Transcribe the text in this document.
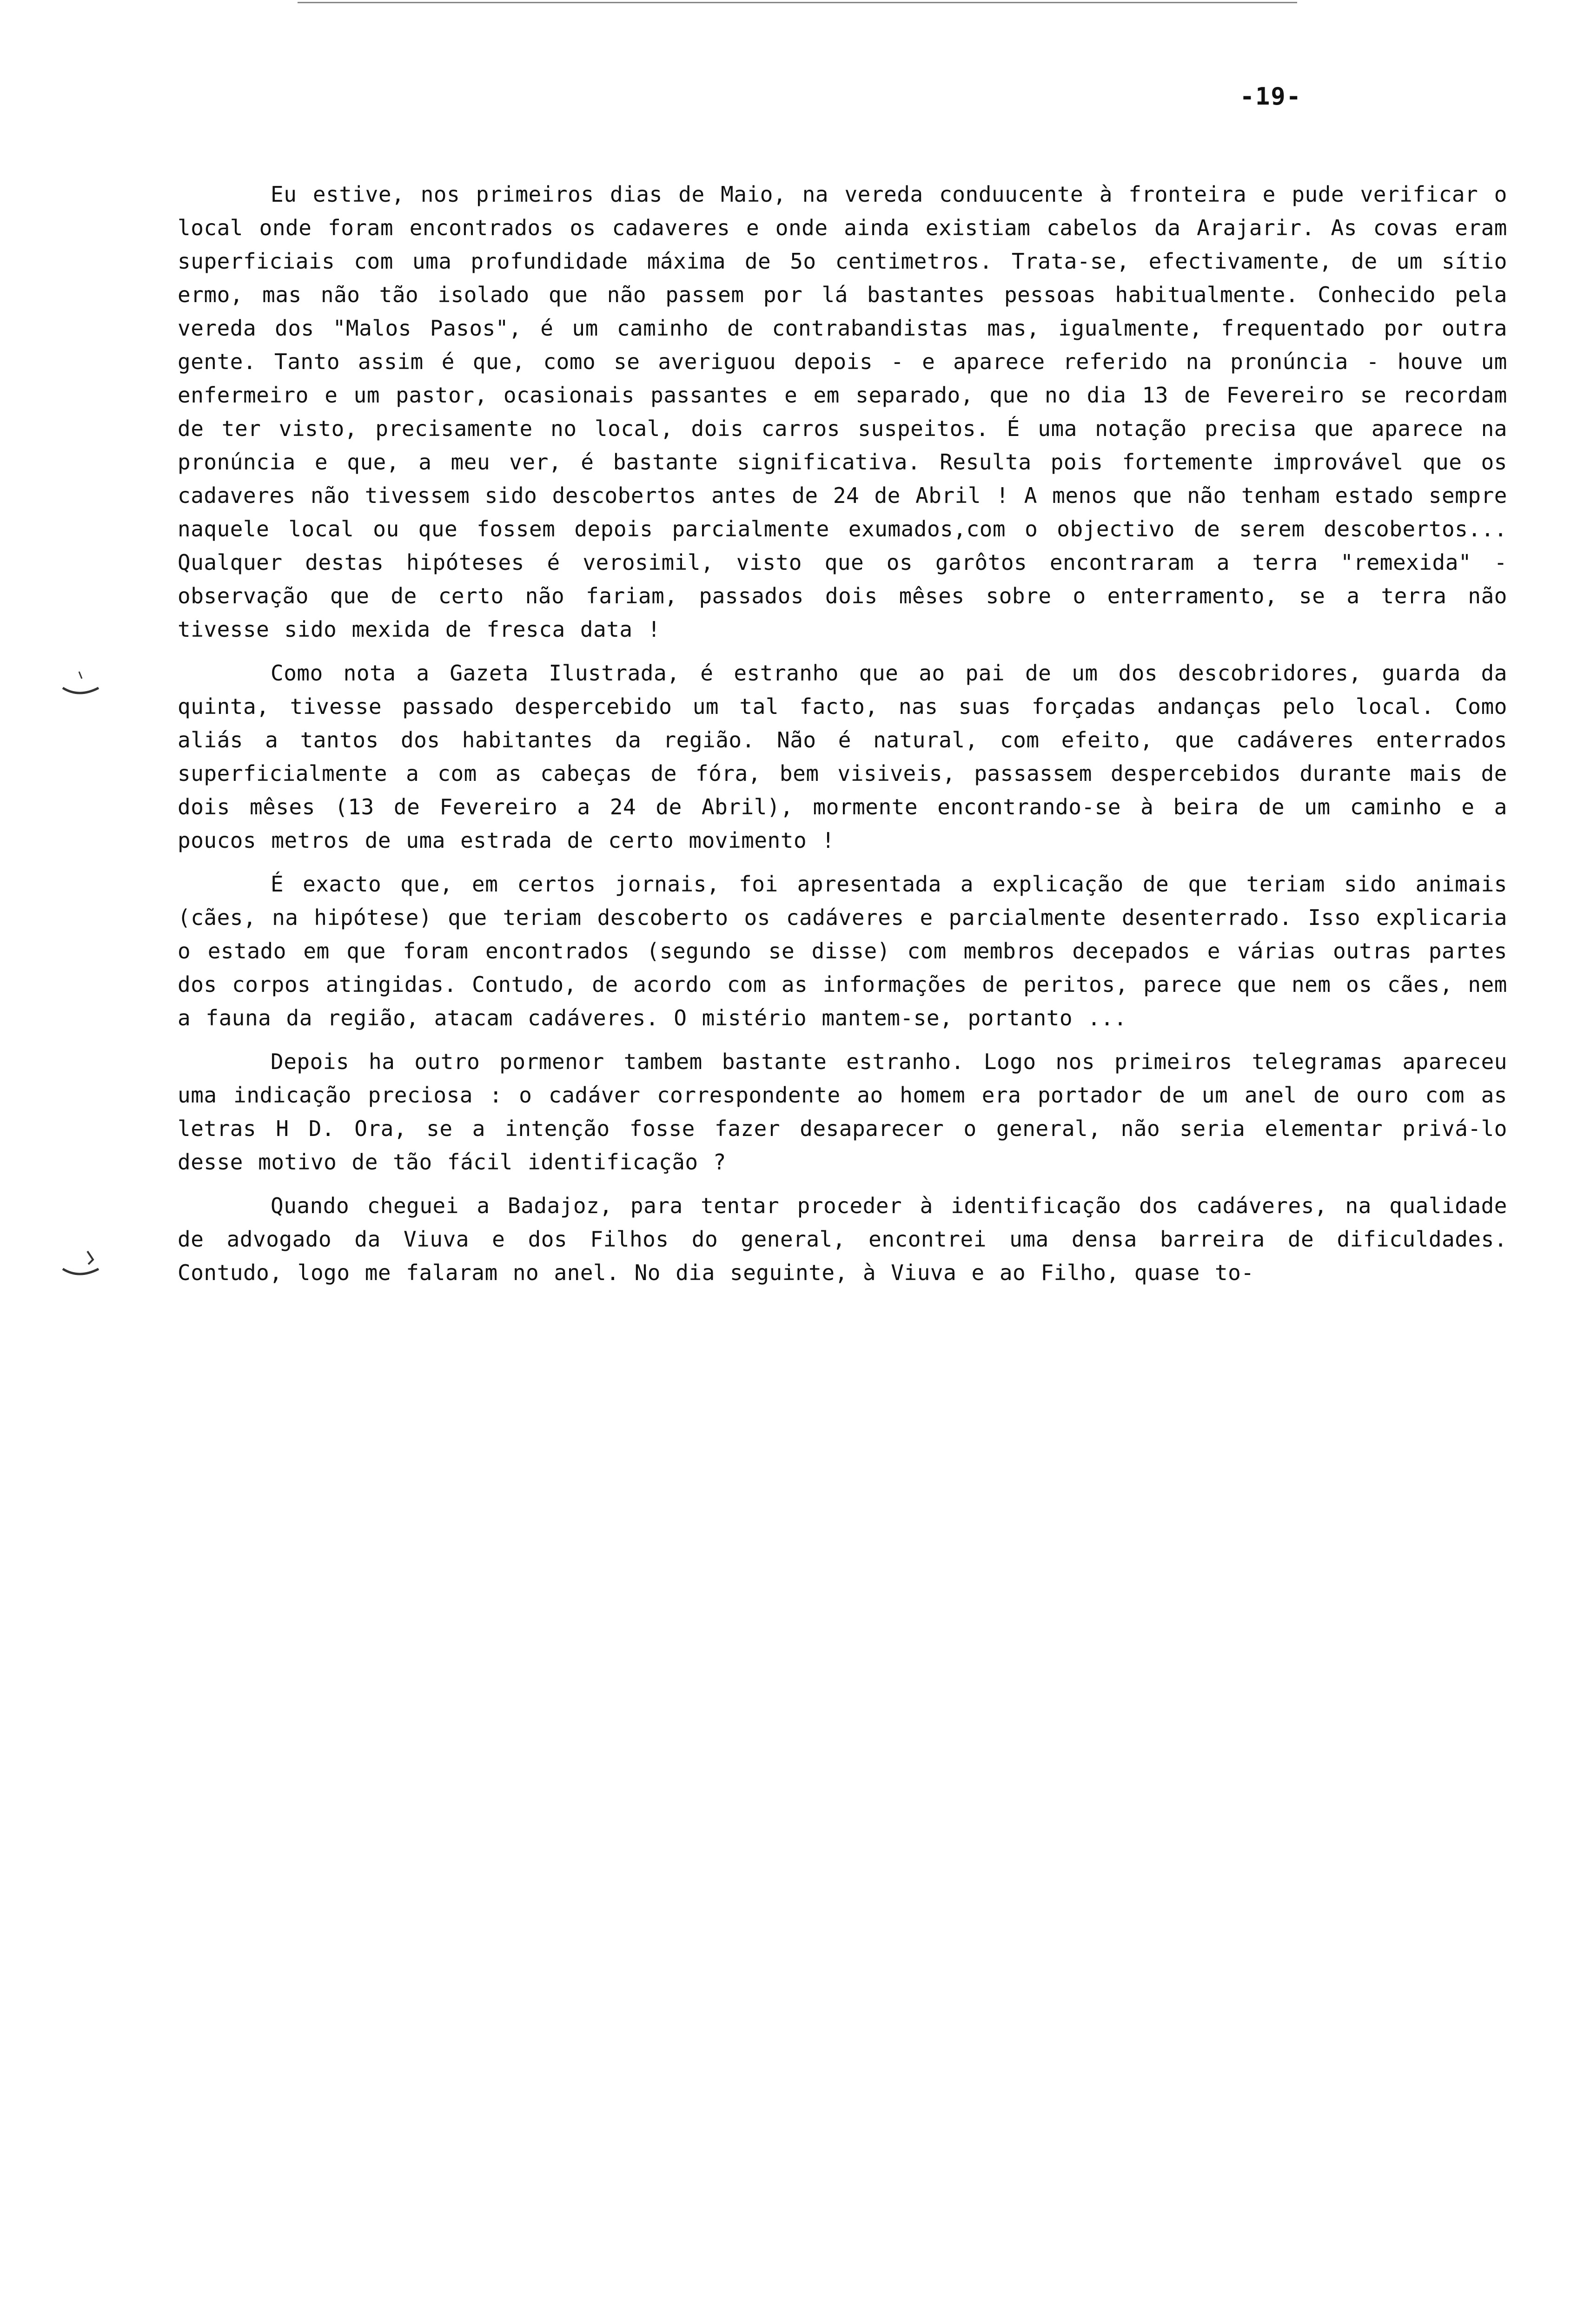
-19-

Eu estive, nos primeiros dias de Maio, na vereda conduucente à fronteira e pude verificar o local onde foram encontrados os cadaveres e onde ainda existiam cabelos da Arajarir. As covas eram superficiais com uma profundidade máxima de 5o centimetros. Trata-se, efectivamente, de um sítio ermo, mas não tão isolado que não passem por lá bastantes pessoas habitualmente. Conhecido pela vereda dos "Malos Pasos", é um caminho de contrabandistas mas, igualmente, frequentado por outra gente. Tanto assim é que, como se averiguou depois - e aparece referido na pronúncia - houve um enfermeiro e um pastor, ocasionais passantes e em separado, que no dia 13 de Fevereiro se recordam de ter visto, precisamente no local, dois carros suspeitos. É uma notação precisa que aparece na pronúncia e que, a meu ver, é bastante significativa. Resulta pois fortemente improvável que os cadaveres não tivessem sido descobertos antes de 24 de Abril ! A menos que não tenham estado sempre naquele local ou que fossem depois parcialmente exumados,com o objectivo de serem descobertos... Qualquer destas hipóteses é verosimil, visto que os garôtos encontraram a terra "remexida" - observação que de certo não fariam, passados dois mêses sobre o enterramento, se a terra não tivesse sido mexida de fresca data !

Como nota a Gazeta Ilustrada, é estranho que ao pai de um dos descobridores, guarda da quinta, tivesse passado despercebido um tal facto, nas suas forçadas andanças pelo local. Como aliás a tantos dos habitantes da região. Não é natural, com efeito, que cadáveres enterrados superficialmente a com as cabeças de fóra, bem visiveis, passassem despercebidos durante mais de dois mêses (13 de Fevereiro a 24 de Abril), mormente encontrando-se à beira de um caminho e a poucos metros de uma estrada de certo movimento !

É exacto que, em certos jornais, foi apresentada a explicação de que teriam sido animais (cães, na hipótese) que teriam descoberto os cadáveres e parcialmente desenterrado. Isso explicaria o estado em que foram encontrados (segundo se disse) com membros decepados e várias outras partes dos corpos atingidas. Contudo, de acordo com as informações de peritos, parece que nem os cães, nem a fauna da região, atacam cadáveres. O mistério mantem-se, portanto ...

Depois ha outro pormenor tambem bastante estranho. Logo nos primeiros telegramas apareceu uma indicação preciosa : o cadáver correspondente ao homem era portador de um anel de ouro com as letras H D. Ora, se a intenção fosse fazer desaparecer o general, não seria elementar privá-lo desse motivo de tão fácil identificação ?

Quando cheguei a Badajoz, para tentar proceder à identificação dos cadáveres, na qualidade de advogado da Viuva e dos Filhos do general, encontrei uma densa barreira de dificuldades. Contudo, logo me falaram no anel. No dia seguinte, à Viuva e ao Filho, quase to-
